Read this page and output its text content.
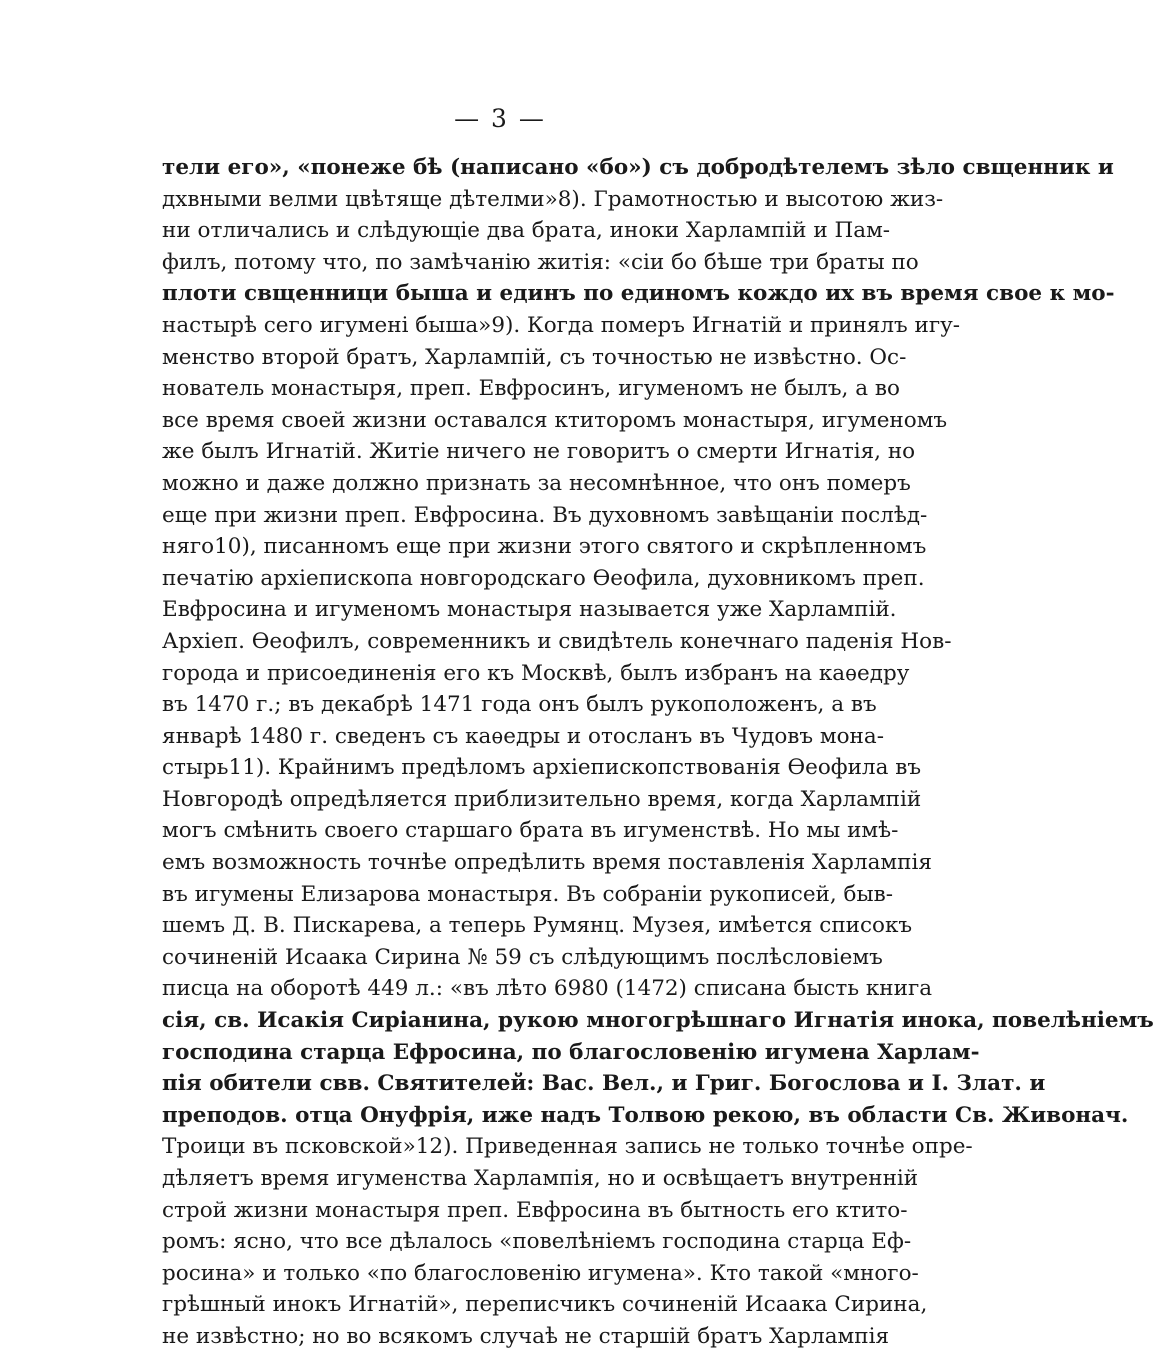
— 3 —
тели его», «понеже бѣ (написано «бо») съ добродѣтелемъ зѣло свщенник и
дхвными велми цвѣтяще дѣтелми»8). Грамотностью и высотою жиз-
ни отличались и слѣдующіе два брата, иноки Харлампій и Пам-
филъ, потому что, по замѣчанію житія: «сіи бо бѣше три браты по
плоти свщенници быша и единъ по единомъ кождо их въ время свое к мо-
настырѣ сего игумені быша»9). Когда померъ Игнатій и принялъ игу-
менство второй братъ, Харлампій, съ точностью не извѣстно. Ос-
нователь монастыря, преп. Евфросинъ, игуменомъ не былъ, а во
все время своей жизни оставался ктиторомъ монастыря, игуменомъ
же былъ Игнатій. Житіе ничего не говоритъ о смерти Игнатія, но
можно и даже должно признать за несомнѣнное, что онъ померъ
еще при жизни преп. Евфросина. Въ духовномъ завѣщаніи послѣд-
няго10), писанномъ еще при жизни этого святого и скрѣпленномъ
печатію архіепископа новгородскаго Ѳеофила, духовникомъ преп.
Евфросина и игуменомъ монастыря называется уже Харлампій.
Архіеп. Ѳеофилъ, современникъ и свидѣтель конечнаго паденія Нов-
города и присоединенія его къ Москвѣ, былъ избранъ на каѳедру
въ 1470 г.; въ декабрѣ 1471 года онъ былъ рукоположенъ, а въ
январѣ 1480 г. сведенъ съ каѳедры и отосланъ въ Чудовъ мона-
стырь11). Крайнимъ предѣломъ архіепископствованія Ѳеофила въ
Новгородѣ опредѣляется приблизительно время, когда Харлампій
могъ смѣнить своего старшаго брата въ игуменствѣ. Но мы имѣ-
емъ возможность точнѣе опредѣлить время поставленія Харлампія
въ игумены Елизарова монастыря. Въ собраніи рукописей, быв-
шемъ Д. В. Пискарева, а теперь Румянц. Музея, имѣется списокъ
сочиненій Исаака Сирина № 59 съ слѣдующимъ послѣсловіемъ
писца на оборотѣ 449 л.: «въ лѣто 6980 (1472) списана бысть книга
сія, св. Исакія Сиріанина, рукою многогрѣшнаго Игнатія инока, повелѣніемъ
господина старца Ефросина, по благословенію игумена Харлам-
пія обители свв. Святителей: Вас. Вел., и Григ. Богослова и І. Злат. и
преподов. отца Онуфрія, иже надъ Толвою рекою, въ области Св. Живонач.
Троици въ псковской»12). Приведенная запись не только точнѣе опре-
дѣляетъ время игуменства Харлампія, но и освѣщаетъ внутренній
строй жизни монастыря преп. Евфросина въ бытность его ктито-
ромъ: ясно, что все дѣлалось «повелѣніемъ господина старца Еф-
росина» и только «по благословенію игумена». Кто такой «много-
грѣшный инокъ Игнатій», переписчикъ сочиненій Исаака Сирина,
не извѣстно; но во всякомъ случаѣ не старшій братъ Харлампія
